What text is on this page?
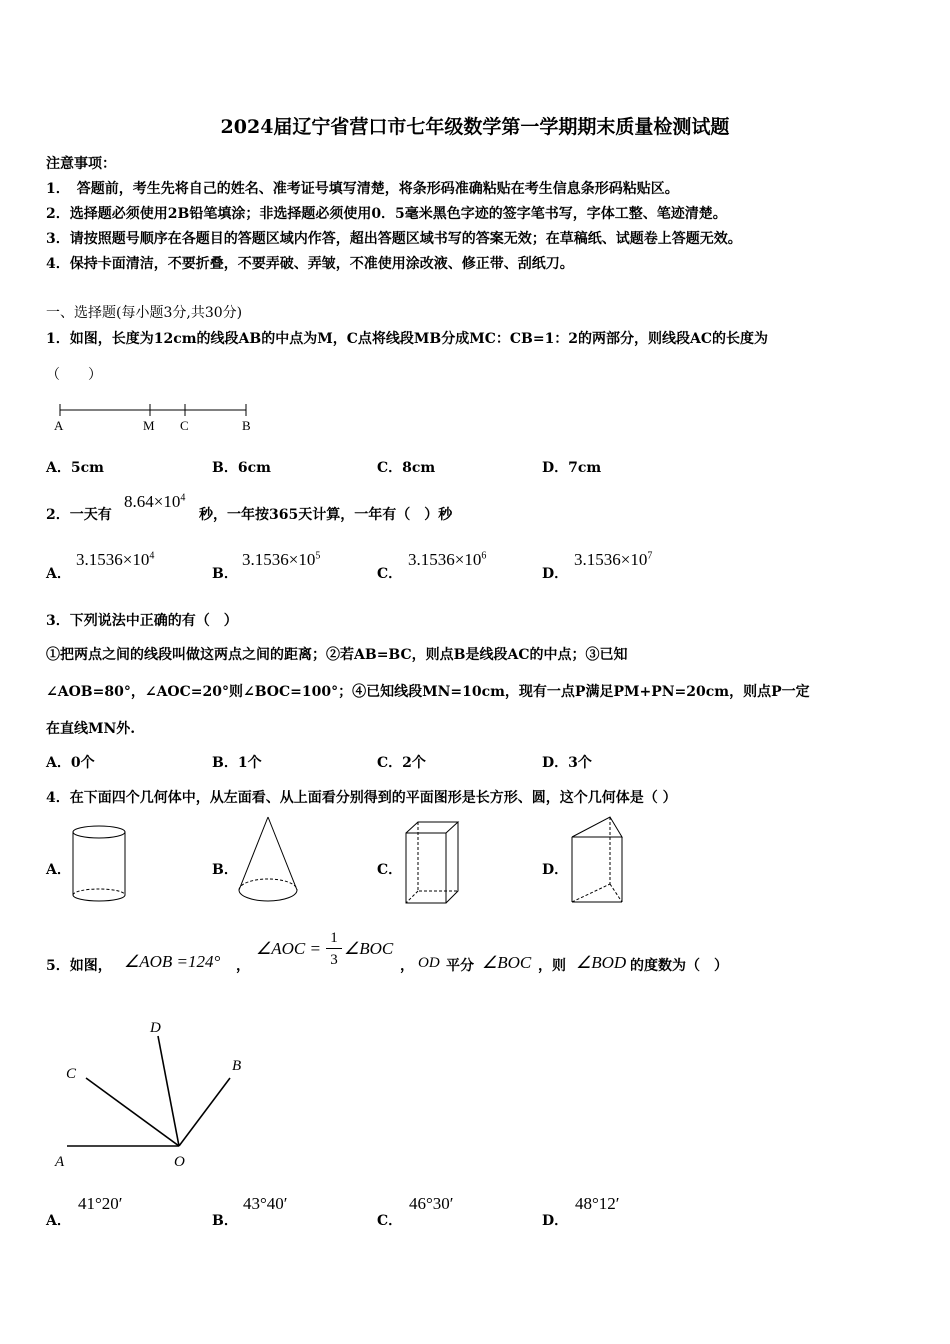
2024届辽宁省营口市七年级数学第一学期期末质量检测试题
注意事项：
1．　答题前，考生先将自己的姓名、准考证号填写清楚，将条形码准确粘贴在考生信息条形码粘贴区。
2．选择题必须使用2B铅笔填涂；非选择题必须使用0．5毫米黑色字迹的签字笔书写，字体工整、笔迹清楚。
3．请按照题号顺序在各题目的答题区域内作答，超出答题区域书写的答案无效；在草稿纸、试题卷上答题无效。
4．保持卡面清洁，不要折叠，不要弄破、弄皱，不准使用涂改液、修正带、刮纸刀。
一、选择题(每小题3分,共30分)
1．如图，长度为12cm的线段AB的中点为M，C点将线段MB分成MC：CB=1：2的两部分，则线段AC的长度为
（　　）
A	M C	B
A．5cm	B．6cm	C．8cm	D．7cm
2．一天有
$8.64\times 10^4$
秒，一年按365天计算，一年有（　）秒
A．
$3.1536\times 10^4$
B．
$3.1536\times 10^5$
C．
$3.1536\times 10^6$
D．
$3.1536\times 10^7$
3．下列说法中正确的有（　）
①把两点之间的线段叫做这两点之间的距离；②若AB=BC，则点B是线段AC的中点；③已知
∠AOB=80°，∠AOC=20°则∠BOC=100°；④已知线段MN=10cm，现有一点P满足PM+PN=20cm，则点P一定
在直线MN外.
A．0个	B．1个	C．2个	D．3个
4．在下面四个几何体中，从左面看、从上面看分别得到的平面图形是长方形、圆，这个几何体是（ ）
A．	B．	C．	D．
5．如图， ∠AOB =124° ，
∠AOC =
1
3
∠BOC
， OD 平分 ∠BOC ，则 ∠BOD 的度数为（　）
D
C	B
A	O
A．
41°20′
B．
43°40′
C．
46°30′
D．
48°12′
